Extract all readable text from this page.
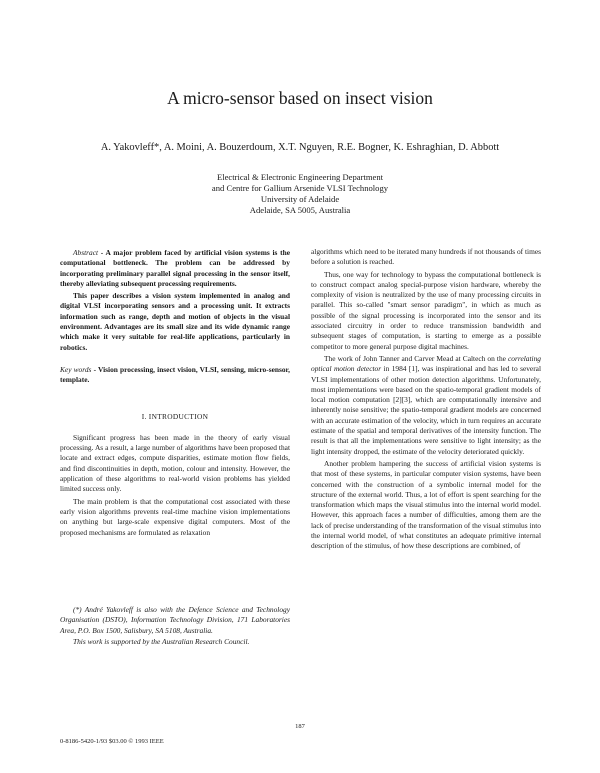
A micro-sensor based on insect vision
A. Yakovleff*, A. Moini, A. Bouzerdoum, X.T. Nguyen, R.E. Bogner, K. Eshraghian, D. Abbott
Electrical & Electronic Engineering Department
and Centre for Gallium Arsenide VLSI Technology
University of Adelaide
Adelaide, SA 5005, Australia

Abstract - A major problem faced by artificial vision systems is the computational bottleneck. The problem can be addressed by incorporating preliminary parallel signal processing in the sensor itself, thereby alleviating subsequent processing requirements.

This paper describes a vision system implemented in analog and digital VLSI incorporating sensors and a processing unit. It extracts information such as range, depth and motion of objects in the visual environment. Advantages are its small size and its wide dynamic range which make it very suitable for real-life applications, particularly in robotics.

Key words - Vision processing, insect vision, VLSI, sensing, micro-sensor, template.

I. INTRODUCTION

Significant progress has been made in the theory of early visual processing. As a result, a large number of algorithms have been proposed that locate and extract edges, compute disparities, estimate motion flow fields, and find discontinuities in depth, motion, colour and intensity. However, the application of these algorithms to real-world vision problems has yielded limited success only.

The main problem is that the computational cost associated with these early vision algorithms prevents real-time machine vision implementations on anything but large-scale expensive digital computers. Most of the proposed mechanisms are formulated as relaxation

(*) André Yakovleff is also with the Defence Science and Technology Organisation (DSTO), Information Technology Division, 171 Laboratories Area, P.O. Box 1500, Salisbury, SA 5108, Australia.

This work is supported by the Australian Research Council.

algorithms which need to be iterated many hundreds if not thousands of times before a solution is reached.

Thus, one way for technology to bypass the computational bottleneck is to construct compact analog special-purpose vision hardware, whereby the complexity of vision is neutralized by the use of many processing circuits in parallel. This so-called "smart sensor paradigm", in which as much as possible of the signal processing is incorporated into the sensor and its associated circuitry in order to reduce transmission bandwidth and subsequent stages of computation, is starting to emerge as a possible competitor to more general purpose digital machines.

The work of John Tanner and Carver Mead at Caltech on the correlating optical motion detector in 1984 [1], was inspirational and has led to several VLSI implementations of other motion detection algorithms. Unfortunately, most implementations were based on the spatio-temporal gradient models of local motion computation [2][3], which are computationally intensive and inherently noise sensitive; the spatio-temporal gradient models are concerned with an accurate estimation of the velocity, which in turn requires an accurate estimate of the spatial and temporal derivatives of the intensity function. The result is that all the implementations were sensitive to light intensity; as the light intensity dropped, the estimate of the velocity deteriorated quickly.

Another problem hampering the success of artificial vision systems is that most of these systems, in particular computer vision systems, have been concerned with the construction of a symbolic internal model for the structure of the external world. Thus, a lot of effort is spent searching for the transformation which maps the visual stimulus into the internal world model. However, this approach faces a number of difficulties, among them are the lack of precise understanding of the transformation of the visual stimulus into the internal world model, of what constitutes an adequate primitive internal description of the stimulus, of how these descriptions are combined, of

187
0-8186-5420-1/93 $03.00 © 1993 IEEE
